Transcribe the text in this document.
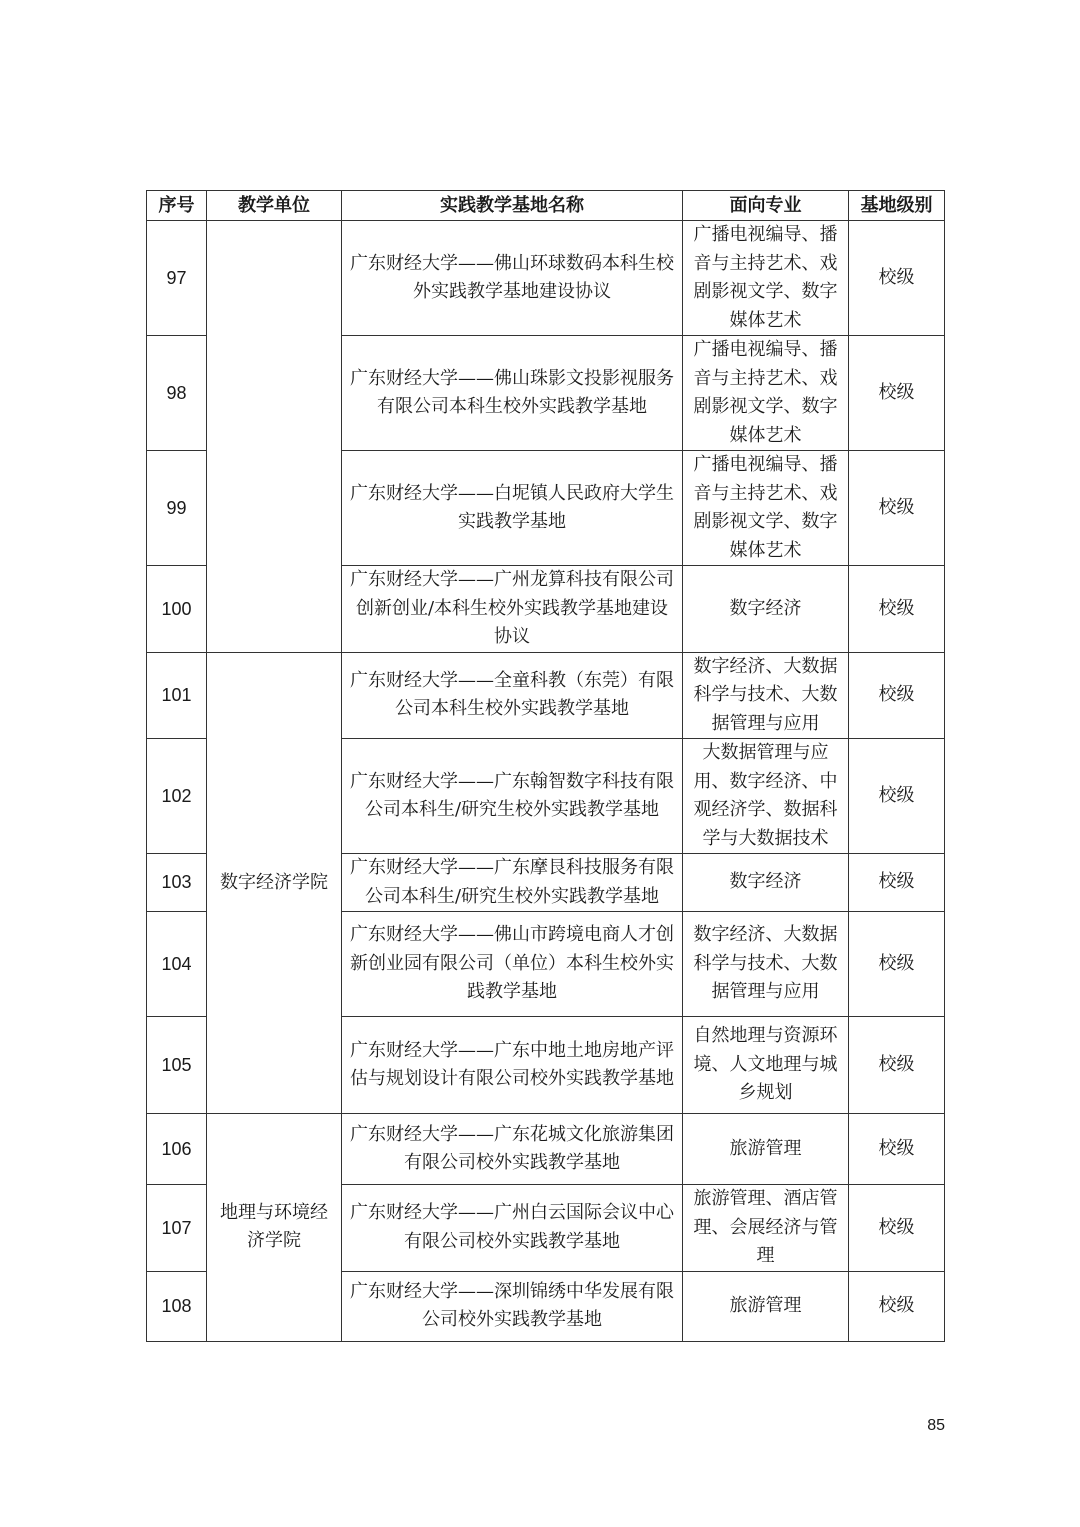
序号	教学单位	实践教学基地名称	面向专业	基地级别
97		广东财经大学——佛山环球数码本科生校外实践教学基地建设协议	广播电视编导、播音与主持艺术、戏剧影视文学、数字媒体艺术	校级
98		广东财经大学——佛山珠影文投影视服务有限公司本科生校外实践教学基地	广播电视编导、播音与主持艺术、戏剧影视文学、数字媒体艺术	校级
99		广东财经大学——白坭镇人民政府大学生实践教学基地	广播电视编导、播音与主持艺术、戏剧影视文学、数字媒体艺术	校级
100		广东财经大学——广州龙算科技有限公司创新创业/本科生校外实践教学基地建设协议	数字经济	校级
101	数字经济学院	广东财经大学——全童科教（东莞）有限公司本科生校外实践教学基地	数字经济、大数据科学与技术、大数据管理与应用	校级
102		广东财经大学——广东翰智数字科技有限公司本科生/研究生校外实践教学基地	大数据管理与应用、数字经济、中观经济学、数据科学与大数据技术	校级
103		广东财经大学——广东摩艮科技服务有限公司本科生/研究生校外实践教学基地	数字经济	校级
104		广东财经大学——佛山市跨境电商人才创新创业园有限公司（单位）本科生校外实践教学基地	数字经济、大数据科学与技术、大数据管理与应用	校级
105		广东财经大学——广东中地土地房地产评估与规划设计有限公司校外实践教学基地	自然地理与资源环境、人文地理与城乡规划	校级
106	地理与环境经济学院	广东财经大学——广东花城文化旅游集团有限公司校外实践教学基地	旅游管理	校级
107		广东财经大学——广州白云国际会议中心有限公司校外实践教学基地	旅游管理、酒店管理、会展经济与管理	校级
108		广东财经大学——深圳锦绣中华发展有限公司校外实践教学基地	旅游管理	校级
85
